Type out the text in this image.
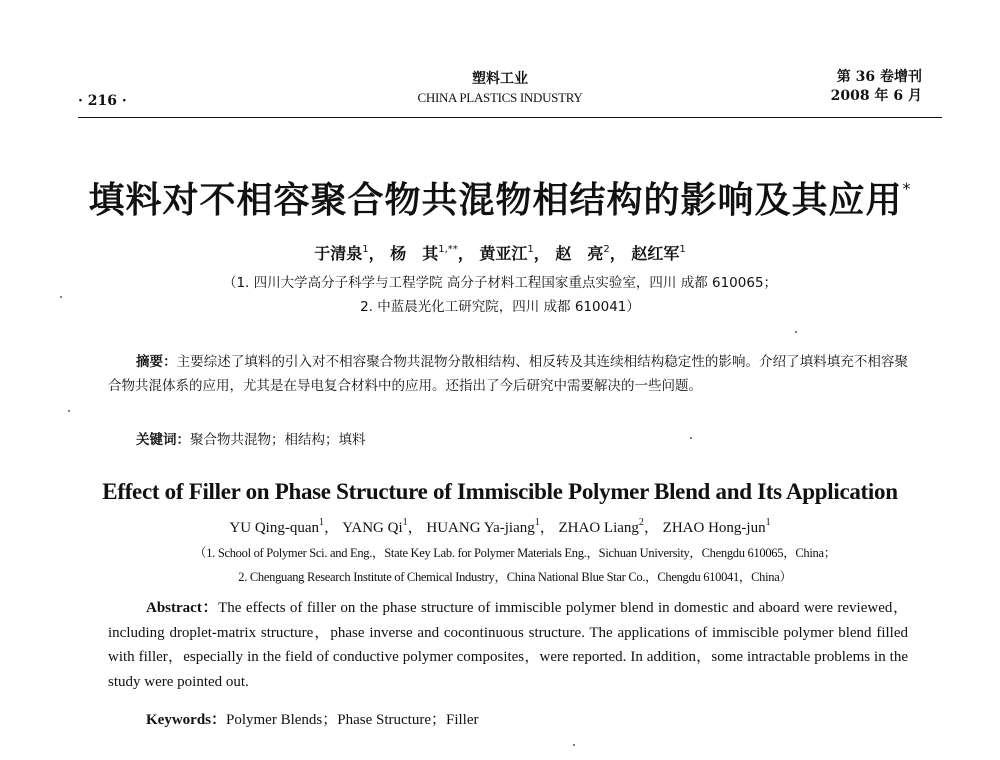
· 216 ·
塑料工业
CHINA PLASTICS INDUSTRY
第 36 卷增刊
2008 年 6 月
填料对不相容聚合物共混物相结构的影响及其应用*
于清泉$^1$， 杨　其$^{1,**}$， 黄亚江$^1$， 赵　亮$^2$， 赵红军$^1$
（1. 四川大学高分子科学与工程学院 高分子材料工程国家重点实验室，四川 成都 610065；
2. 中蓝晨光化工研究院，四川 成都 610041）
摘要：主要综述了填料的引入对不相容聚合物共混物分散相结构、相反转及其连续相结构稳定性的影响。介绍了填料填充不相容聚合物共混体系的应用，尤其是在导电复合材料中的应用。还指出了今后研究中需要解决的一些问题。
关键词：聚合物共混物；相结构；填料
Effect of Filler on Phase Structure of Immiscible Polymer Blend and Its Application
YU Qing-quan$^1$， YANG Qi$^1$， HUANG Ya-jiang$^1$， ZHAO Liang$^2$， ZHAO Hong-jun$^1$
（1. School of Polymer Sci. and Eng.，State Key Lab. for Polymer Materials Eng.，Sichuan University，Chengdu 610065，China；
2. Chenguang Research Institute of Chemical Industry，China National Blue Star Co.，Chengdu 610041，China）
Abstract：The effects of filler on the phase structure of immiscible polymer blend in domestic and aboard were reviewed，including droplet-matrix structure，phase inverse and cocontinuous structure. The applications of immiscible polymer blend filled with filler，especially in the field of conductive polymer composites，were reported. In addition，some intractable problems in the study were pointed out.
Keywords：Polymer Blends；Phase Structure；Filler
